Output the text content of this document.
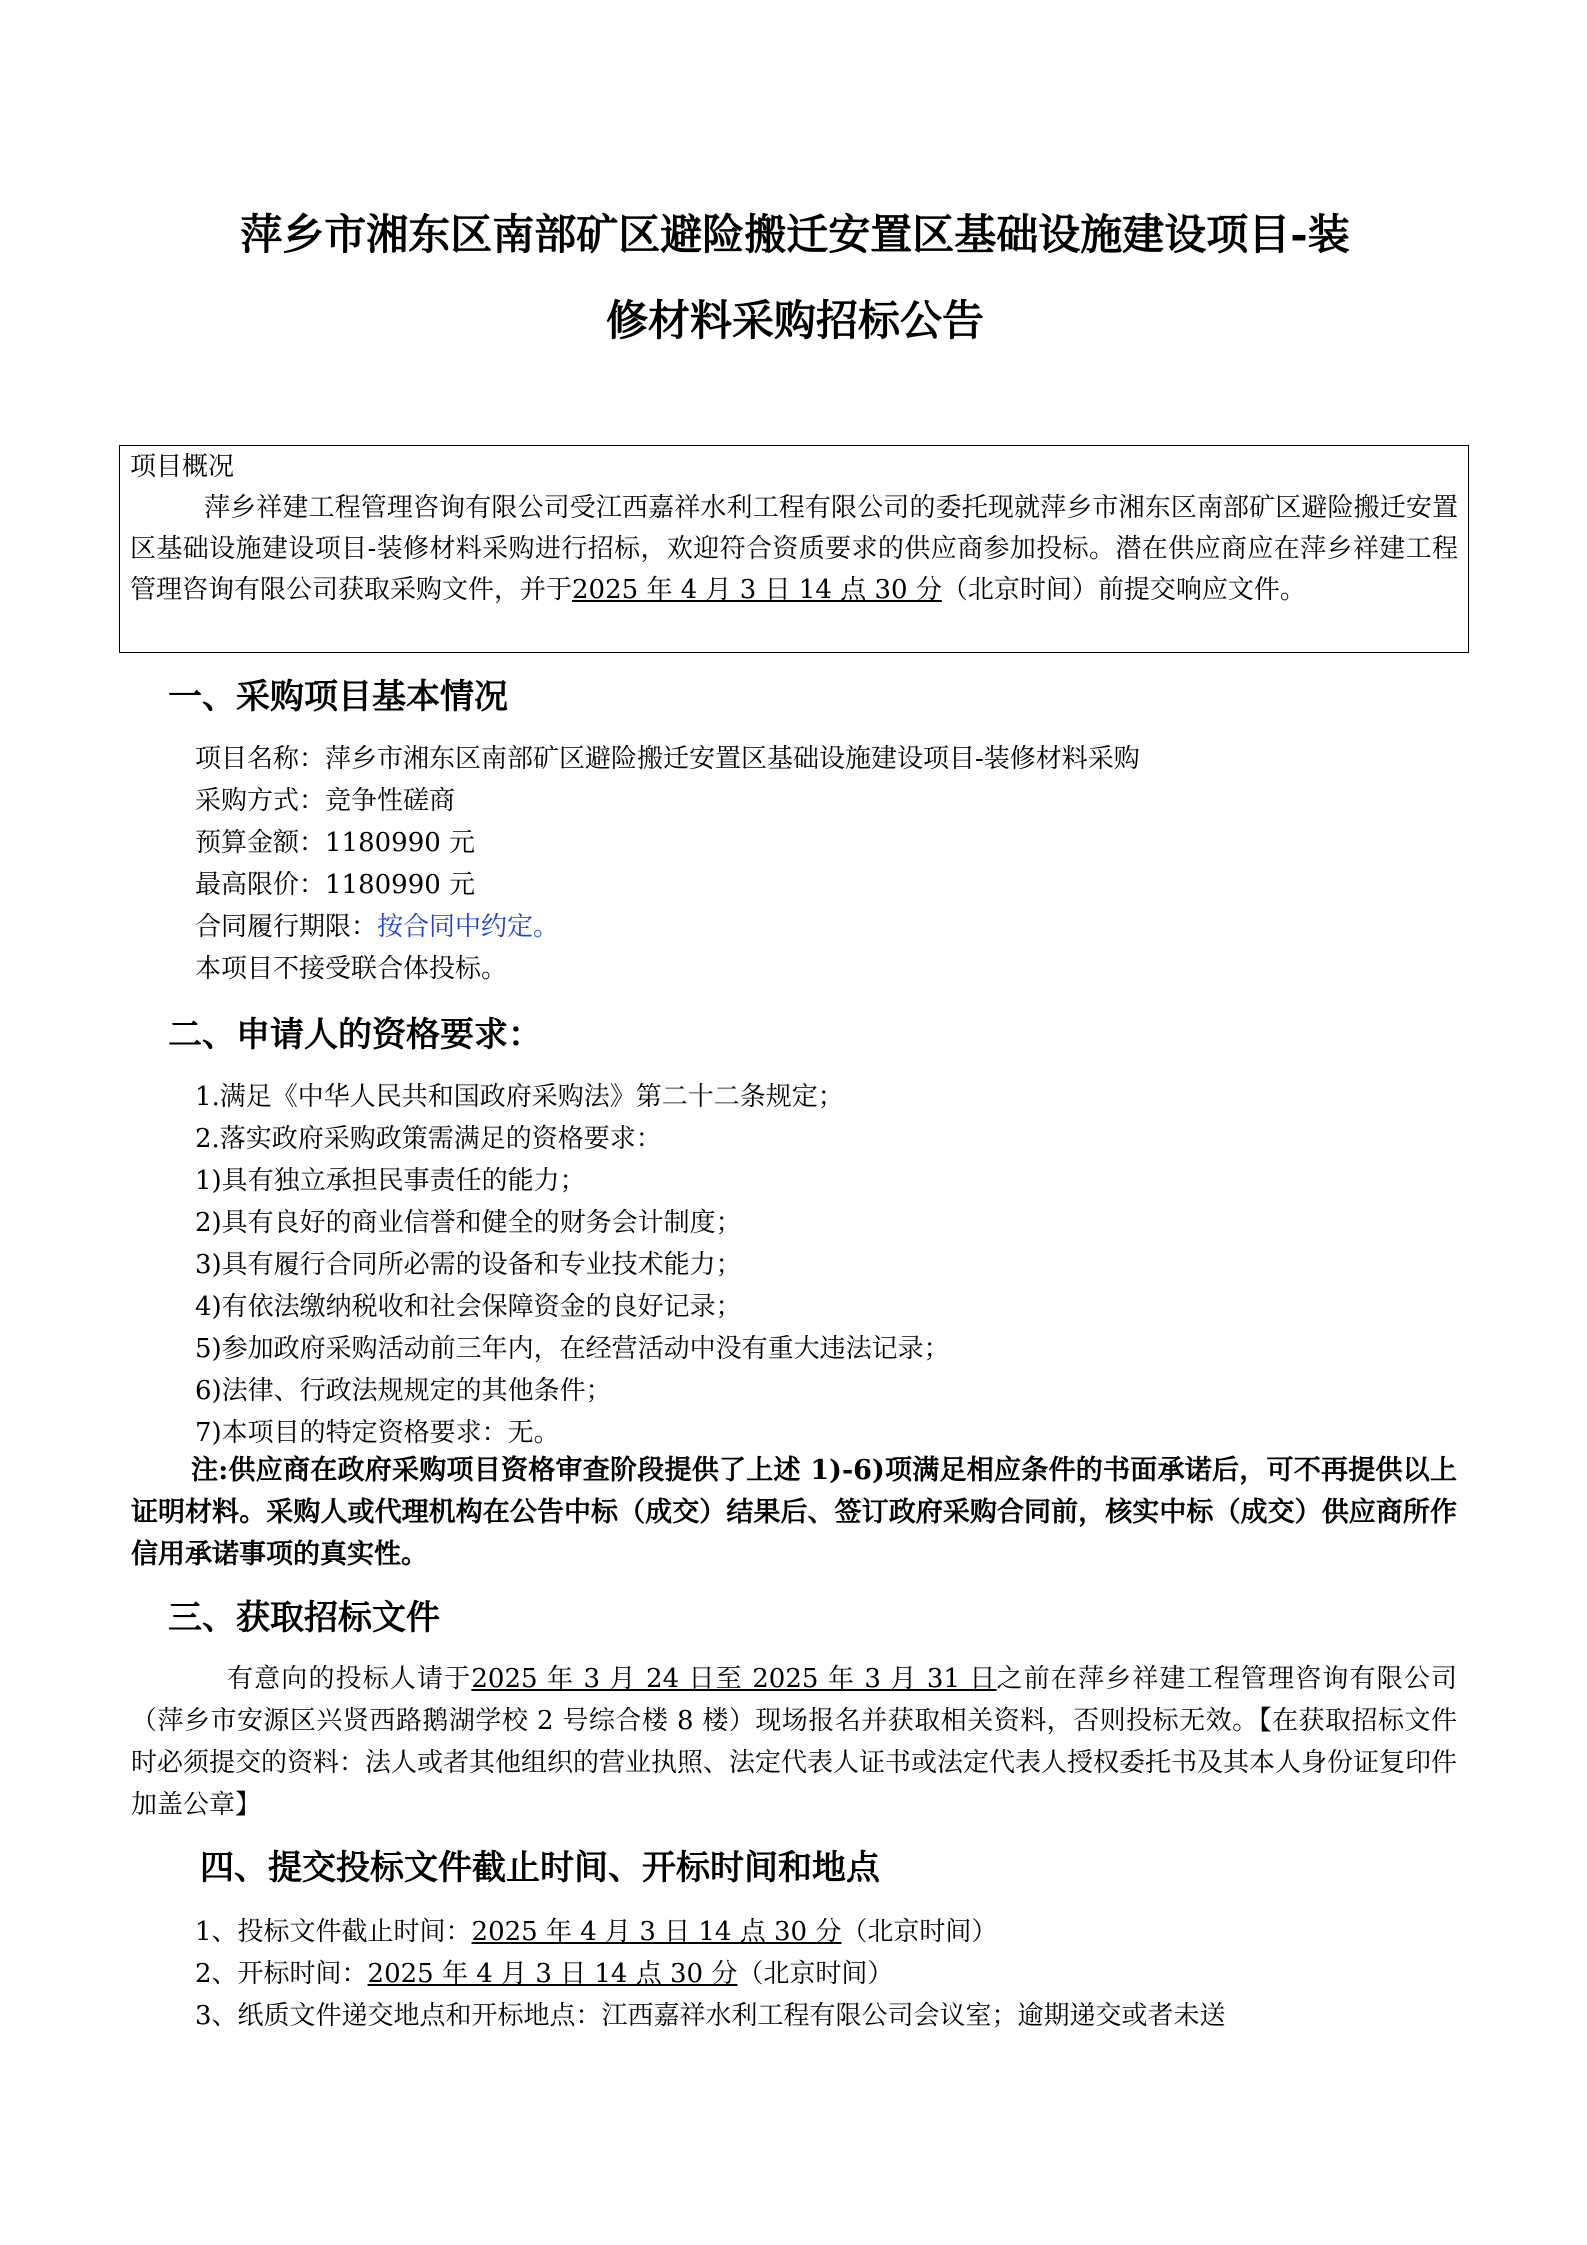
萍乡市湘东区南部矿区避险搬迁安置区基础设施建设项目-装
修材料采购招标公告
项目概况
萍乡祥建工程管理咨询有限公司受江西嘉祥水利工程有限公司的委托现就萍乡市湘东区南部矿区避险搬迁安置区基础设施建设项目-装修材料采购进行招标，欢迎符合资质要求的供应商参加投标。潜在供应商应在萍乡祥建工程管理咨询有限公司获取采购文件，并于2025 年 4 月 3 日 14 点 30 分（北京时间）前提交响应文件。
一、采购项目基本情况
项目名称：萍乡市湘东区南部矿区避险搬迁安置区基础设施建设项目-装修材料采购
采购方式：竞争性磋商
预算金额：1180990 元
最高限价：1180990 元
合同履行期限：按合同中约定。
本项目不接受联合体投标。
二、申请人的资格要求：
1.满足《中华人民共和国政府采购法》第二十二条规定；
2.落实政府采购政策需满足的资格要求：
1)具有独立承担民事责任的能力；
2)具有良好的商业信誉和健全的财务会计制度；
3)具有履行合同所必需的设备和专业技术能力；
4)有依法缴纳税收和社会保障资金的良好记录；
5)参加政府采购活动前三年内，在经营活动中没有重大违法记录；
6)法律、行政法规规定的其他条件；
7)本项目的特定资格要求：无。
注:供应商在政府采购项目资格审查阶段提供了上述 1)-6)项满足相应条件的书面承诺后，可不再提供以上证明材料。采购人或代理机构在公告中标（成交）结果后、签订政府采购合同前，核实中标（成交）供应商所作信用承诺事项的真实性。
三、获取招标文件
有意向的投标人请于2025 年 3 月 24 日至 2025 年 3 月 31 日之前在萍乡祥建工程管理咨询有限公司（萍乡市安源区兴贤西路鹅湖学校 2 号综合楼 8 楼）现场报名并获取相关资料，否则投标无效。【在获取招标文件时必须提交的资料：法人或者其他组织的营业执照、法定代表人证书或法定代表人授权委托书及其本人身份证复印件加盖公章】
四、提交投标文件截止时间、开标时间和地点
1、投标文件截止时间：2025 年 4 月 3 日 14 点 30 分（北京时间）
2、开标时间：2025 年 4 月 3 日 14 点 30 分（北京时间）
3、纸质文件递交地点和开标地点：江西嘉祥水利工程有限公司会议室；逾期递交或者未送
